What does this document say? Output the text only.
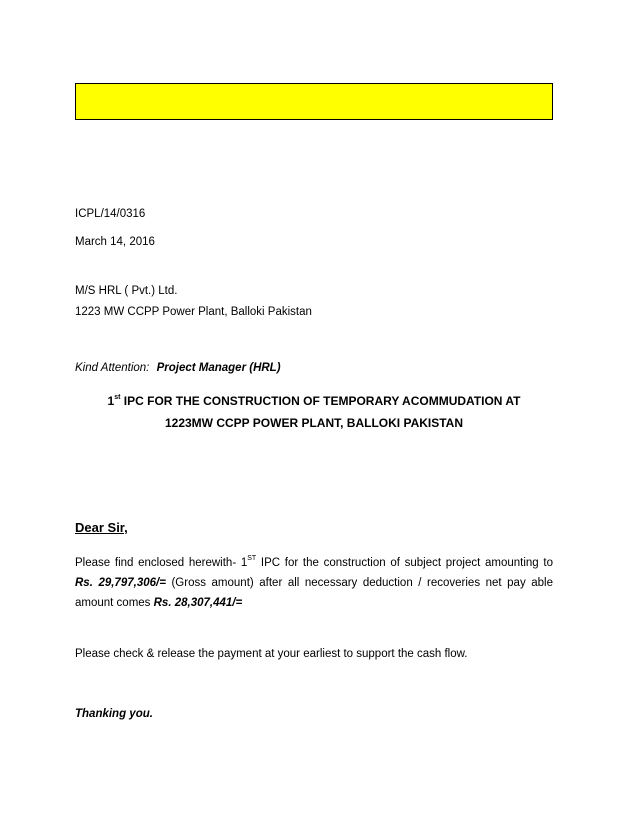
ICPL/14/0316
March 14, 2016
M/S HRL ( Pvt.) Ltd.
1223 MW CCPP Power Plant, Balloki Pakistan
Kind Attention: Project Manager (HRL)
1st IPC FOR THE CONSTRUCTION OF TEMPORARY ACOMMUDATION AT
1223MW CCPP POWER PLANT, BALLOKI PAKISTAN
Dear Sir,
Please find enclosed herewith- 1ST IPC for the construction of subject project amounting to
Rs. 29,797,306/= (Gross amount) after all necessary deduction / recoveries net pay able
amount comes Rs. 28,307,441/=
Please check & release the payment at your earliest to support the cash flow.
Thanking you.
